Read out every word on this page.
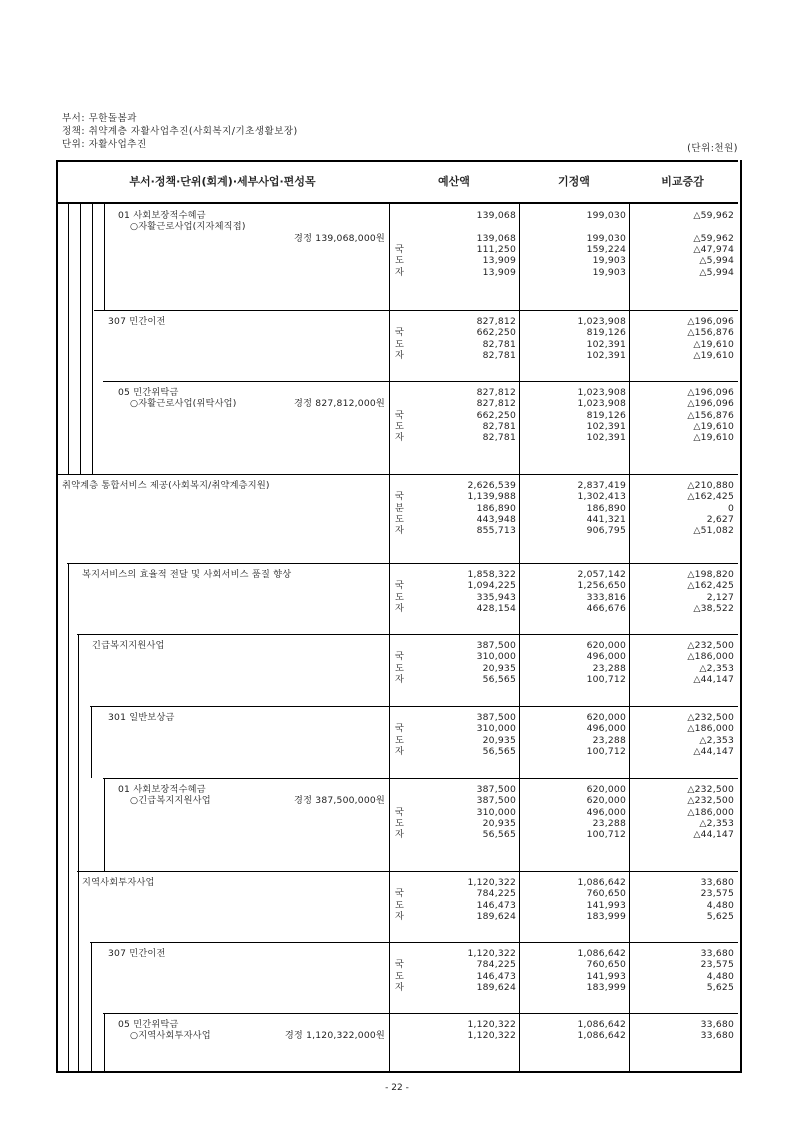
부서: 무한돌봄과
정책: 취약계층 자활사업추진(사회복지/기초생활보장)
단위: 자활사업추진	(단위:천원)
부서·정책·단위(회계)·세부사업·편성목	예산액	기정액	비교증감
01 사회보장적수혜금	139,068	199,030	△59,962
○자활근로사업(지자체직접)
경정 139,068,000원	139,068	199,030	△59,962
국	111,250	159,224	△47,974
도	13,909	19,903	△5,994
자	13,909	19,903	△5,994
307 민간이전	827,812	1,023,908	△196,096
국	662,250	819,126	△156,876
도	82,781	102,391	△19,610
자	82,781	102,391	△19,610
05 민간위탁금	827,812	1,023,908	△196,096
○자활근로사업(위탁사업)	경정 827,812,000원	827,812	1,023,908	△196,096
국	662,250	819,126	△156,876
도	82,781	102,391	△19,610
자	82,781	102,391	△19,610
취약계층 통합서비스 제공(사회복지/취약계층지원)	2,626,539	2,837,419	△210,880
국	1,139,988	1,302,413	△162,425
분	186,890	186,890	0
도	443,948	441,321	2,627
자	855,713	906,795	△51,082
복지서비스의 효율적 전달 및 사회서비스 품질 향상	1,858,322	2,057,142	△198,820
국	1,094,225	1,256,650	△162,425
도	335,943	333,816	2,127
자	428,154	466,676	△38,522
긴급복지지원사업	387,500	620,000	△232,500
국	310,000	496,000	△186,000
도	20,935	23,288	△2,353
자	56,565	100,712	△44,147
301 일반보상금	387,500	620,000	△232,500
국	310,000	496,000	△186,000
도	20,935	23,288	△2,353
자	56,565	100,712	△44,147
01 사회보장적수혜금	387,500	620,000	△232,500
○긴급복지지원사업	경정 387,500,000원	387,500	620,000	△232,500
국	310,000	496,000	△186,000
도	20,935	23,288	△2,353
자	56,565	100,712	△44,147
지역사회투자사업	1,120,322	1,086,642	33,680
국	784,225	760,650	23,575
도	146,473	141,993	4,480
자	189,624	183,999	5,625
307 민간이전	1,120,322	1,086,642	33,680
국	784,225	760,650	23,575
도	146,473	141,993	4,480
자	189,624	183,999	5,625
05 민간위탁금	1,120,322	1,086,642	33,680
○지역사회투자사업	경정 1,120,322,000원	1,120,322	1,086,642	33,680
- 22 -
